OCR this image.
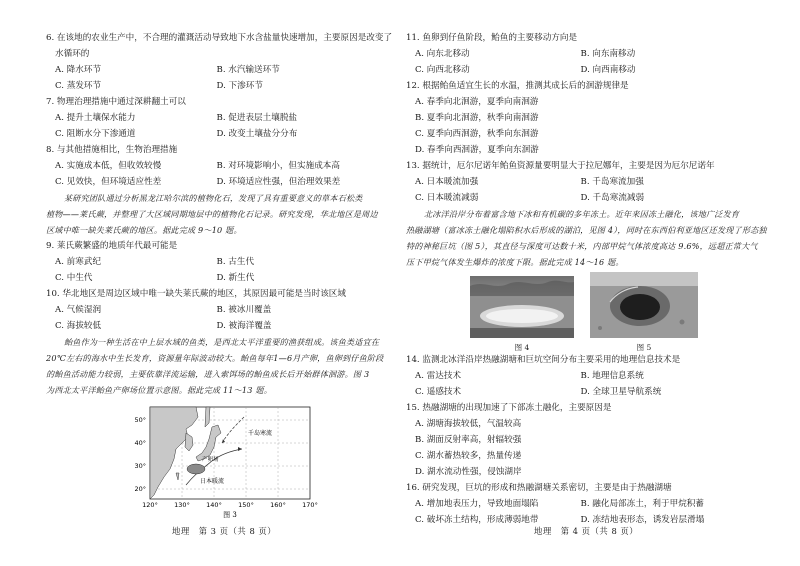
6. 在该地的农业生产中，不合理的灌溉活动导致地下水含盐量快速增加，主要原因是改变了
水循环的
A. 降水环节	B. 水汽输送环节
C. 蒸发环节	D. 下渗环节
7. 物理治理措施中通过深耕翻土可以
A. 提升土壤保水能力	B. 促进表层土壤脱盐
C. 阻断水分下渗通道	D. 改变土壤盐分分布
8. 与其他措施相比，生物治理措施
A. 实施成本低，但收效较慢	B. 对环境影响小，但实施成本高
C. 见效快，但环境适应性差	D. 环境适应性强，但治理效果差
某研究团队通过分析黑龙江哈尔滨的植物化石，发现了具有重要意义的草本石松类
植物——莱氏蕨，并整理了大区域同期地层中的植物化石记录。研究发现，华北地区是周边
区域中唯一缺失莱氏蕨的地区。据此完成 9～10 题。
9. 莱氏蕨繁盛的地质年代最可能是
A. 前寒武纪	B. 古生代
C. 中生代	D. 新生代
10. 华北地区是周边区域中唯一缺失莱氏蕨的地区，其原因最可能是当时该区域
A. 气候湿润	B. 被冰川覆盖
C. 海拔较低	D. 被海洋覆盖
鲐鱼作为一种生活在中上层水域的鱼类，是西北太平洋重要的渔获组成。该鱼类适宜在
20℃左右的海水中生长发育，资源量年际波动较大。鲐鱼每年1—6月产卵，鱼卵到仔鱼阶段
的鲐鱼活动能力较弱，主要依靠洋流运输，进入索饵场的鲐鱼成长后开始群体洄游。图 3
为西北太平洋鲐鱼产卵场位置示意图。据此完成 11～13 题。
50°
40°
30°
20°
120°	130°	140°	150°	160°	170°
千岛寒流
产卵场
日本暖流
图 3
地理　第 3 页（共 8 页）
11. 鱼卵到仔鱼阶段，鲐鱼的主要移动方向是
A. 向东北移动	B. 向东南移动
C. 向西北移动	D. 向西南移动
12. 根据鲐鱼适宜生长的水温，推测其成长后的洄游规律是
A. 春季向北洄游，夏季向南洄游
B. 夏季向北洄游，秋季向南洄游
C. 夏季向西洄游，秋季向东洄游
D. 春季向西洄游，夏季向东洄游
13. 据统计，厄尔尼诺年鲐鱼资源量要明显大于拉尼娜年，主要是因为厄尔尼诺年
A. 日本暖流加强	B. 千岛寒流加强
C. 日本暖流减弱	D. 千岛寒流减弱
北冰洋沿岸分布着富含地下冰和有机碳的多年冻土。近年来因冻土融化，该地广泛发育
热融湖塘（富冰冻土融化塌陷积水后形成的湖泊，见图 4），同时在东西伯利亚地区还发现了形态独
特的神秘巨坑（图 5），其直径与深度可达数十米，内部甲烷气体浓度高达 9.6%，远超正常大气
压下甲烷气体发生爆炸的浓度下限。据此完成 14～16 题。
图 4	图 5
14. 监测北冰洋沿岸热融湖塘和巨坑空间分布主要采用的地理信息技术是
A. 雷达技术	B. 地理信息系统
C. 遥感技术	D. 全球卫星导航系统
15. 热融湖塘的出现加速了下部冻土融化，主要原因是
A. 湖塘海拔较低，气温较高
B. 湖面反射率高，射辐较强
C. 湖水蓄热较多，热量传递
D. 湖水流动性强，侵蚀湖岸
16. 研究发现，巨坑的形成和热融湖塘关系密切，主要是由于热融湖塘
A. 增加地表压力，导致地面塌陷	B. 融化局部冻土，利于甲烷积蓄
C. 破坏冻土结构，形成薄弱地带	D. 冻结地表形态，诱发岩层滑塌
地理　第 4 页（共 8 页）
